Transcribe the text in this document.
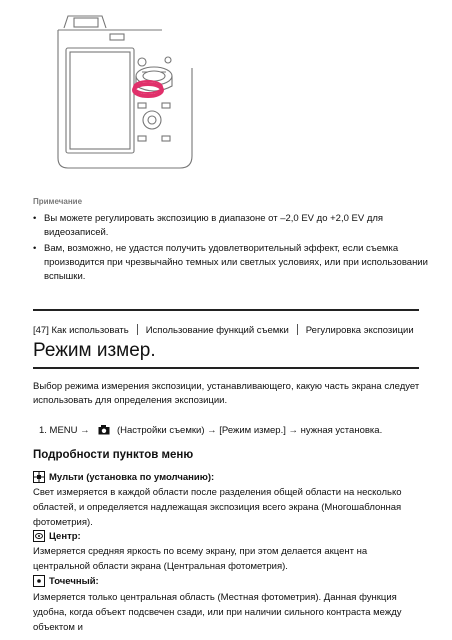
Примечание
• Вы можете регулировать экспозицию в диапазоне от –2,0 EV до +2,0 EV для видеозаписей.
• Вам, возможно, не удастся получить удовлетворительный эффект, если съемка производится при чрезвычайно темных или светлых условиях, или при использовании вспышки.
[47] Как использовать Использование функций съемки Регулировка экспозиции
Режим измер.

Выбор режима измерения экспозиции, устанавливающего, какую часть экрана следует использовать для определения экспозиции.

1. MENU →	(Настройки съемки) → [Режим измер.] → нужная установка.
Подробности пунктов меню
Мульти (установка по умолчанию):

Свет измеряется в каждой области после разделения общей области на несколько областей, и определяется надлежащая экспозиция всего экрана (Многошаблонная фотометрия).

Центр:

Измеряется средняя яркость по всему экрану, при этом делается акцент на центральной области экрана (Центральная фотометрия).

Точечный:

Измеряется только центральная область (Местная фотометрия). Данная функция удобна, когда объект подсвечен сзади, или при наличии сильного контраста между объектом и
